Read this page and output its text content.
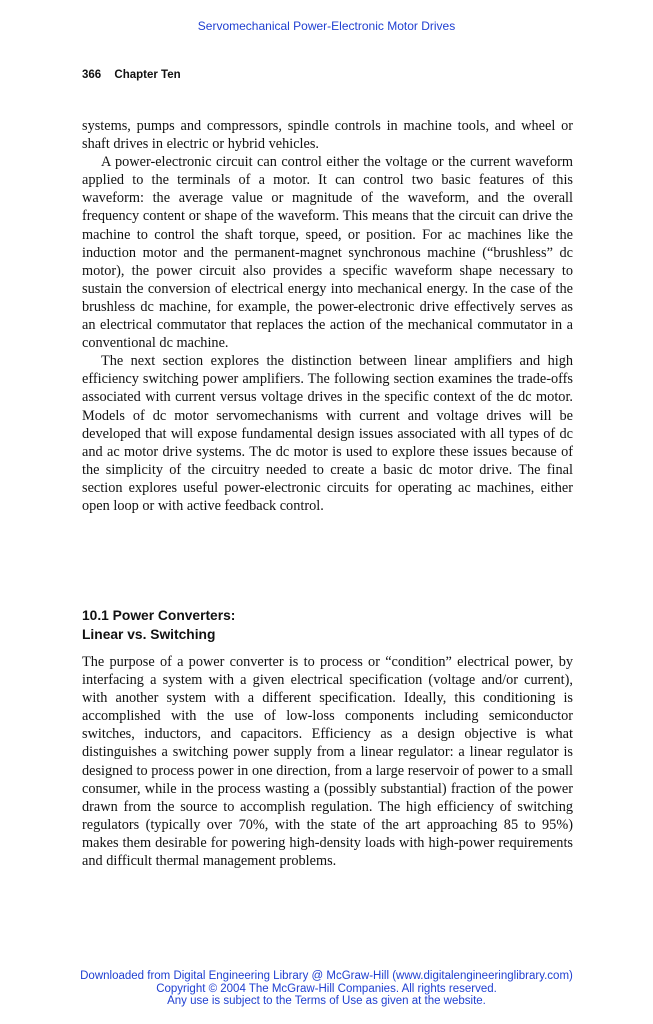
Servomechanical Power-Electronic Motor Drives
366 Chapter Ten

systems, pumps and compressors, spindle controls in machine tools, and wheel or shaft drives in electric or hybrid vehicles.

A power-electronic circuit can control either the voltage or the current waveform applied to the terminals of a motor. It can control two basic features of this waveform: the average value or magnitude of the waveform, and the overall frequency content or shape of the waveform. This means that the circuit can drive the machine to control the shaft torque, speed, or position. For ac machines like the induction motor and the permanent-magnet synchronous machine (“brushless” dc motor), the power circuit also provides a specific waveform shape necessary to sustain the conversion of electrical energy into mechanical energy. In the case of the brushless dc machine, for example, the power-electronic drive effectively serves as an electrical commutator that replaces the action of the mechanical commutator in a conventional dc machine.

The next section explores the distinction between linear amplifiers and high efficiency switching power amplifiers. The following section examines the trade-offs associated with current versus voltage drives in the specific context of the dc motor. Models of dc motor servomechanisms with current and voltage drives will be developed that will expose fundamental design issues associated with all types of dc and ac motor drive systems. The dc motor is used to explore these issues because of the simplicity of the circuitry needed to create a basic dc motor drive. The final section explores useful power-electronic circuits for operating ac machines, either open loop or with active feedback control.

10.1 Power Converters:
Linear vs. Switching

The purpose of a power converter is to process or “condition” electrical power, by interfacing a system with a given electrical specification (voltage and/or current), with another system with a different specification. Ideally, this conditioning is accomplished with the use of low-loss components including semiconductor switches, inductors, and capacitors. Efficiency as a design objective is what distinguishes a switching power supply from a linear regulator: a linear regulator is designed to process power in one direction, from a large reservoir of power to a small consumer, while in the process wasting a (possibly substantial) fraction of the power drawn from the source to accomplish regulation. The high efficiency of switching regulators (typically over 70%, with the state of the art approaching 85 to 95%) makes them desirable for powering high-density loads with high-power requirements and difficult thermal management problems.

Downloaded from Digital Engineering Library @ McGraw-Hill (www.digitalengineeringlibrary.com)
Copyright © 2004 The McGraw-Hill Companies. All rights reserved.
Any use is subject to the Terms of Use as given at the website.
